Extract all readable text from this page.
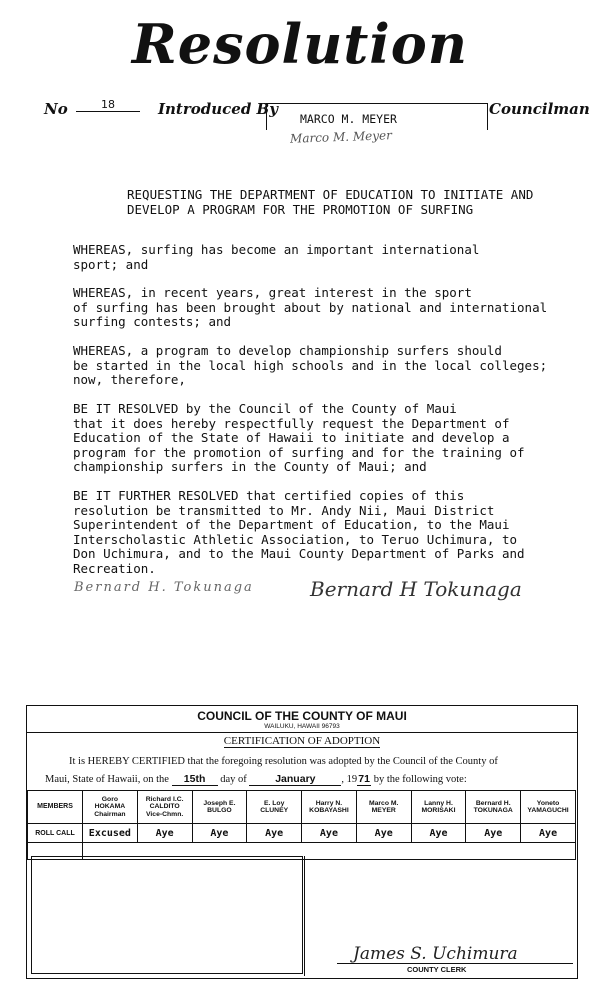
Resolution
No	18	Introduced By
MARCO M. MEYER
Councilman
Marco M. Meyer
REQUESTING THE DEPARTMENT OF EDUCATION TO INITIATE AND DEVELOP A PROGRAM FOR THE PROMOTION OF SURFING
WHEREAS, surfing has become an important international
sport; and
WHEREAS, in recent years, great interest in the sport
of surfing has been brought about by national and international
surfing contests; and
WHEREAS, a program to develop championship surfers should
be started in the local high schools and in the local colleges;
now, therefore,
BE IT RESOLVED by the Council of the County of Maui
that it does hereby respectfully request the Department of
Education of the State of Hawaii to initiate and develop a
program for the promotion of surfing and for the training of
championship surfers in the County of Maui; and
BE IT FURTHER RESOLVED that certified copies of this
resolution be transmitted to Mr. Andy Nii, Maui District
Superintendent of the Department of Education, to the Maui
Interscholastic Athletic Association, to Teruo Uchimura, to
Don Uchimura, and to the Maui County Department of Parks and
Recreation.
Bernard H. Tokunaga	Bernard H Tokunaga
COUNCIL OF THE COUNTY OF MAUI
WAILUKU, HAWAII 96793
CERTIFICATION OF ADOPTION
It is HEREBY CERTIFIED that the foregoing resolution was adopted by the Council of the County of
Maui, State of Hawaii, on the 15th day of	January , 1971 by the following vote:
MEMBERS	Goro
HOKAMA
Chairman	Richard I.C.
CALDITO
Vice-Chmn.	Joseph E.
BULGO	E. Loy
CLUNEY	Harry N.
KOBAYASHI	Marco M.
MEYER	Lanny H.
MORISAKI	Bernard H.
TOKUNAGA	Yoneto
YAMAGUCHI
ROLL CALL	Excused	Aye	Aye	Aye	Aye	Aye	Aye	Aye	Aye

James S. Uchimura
COUNTY CLERK
